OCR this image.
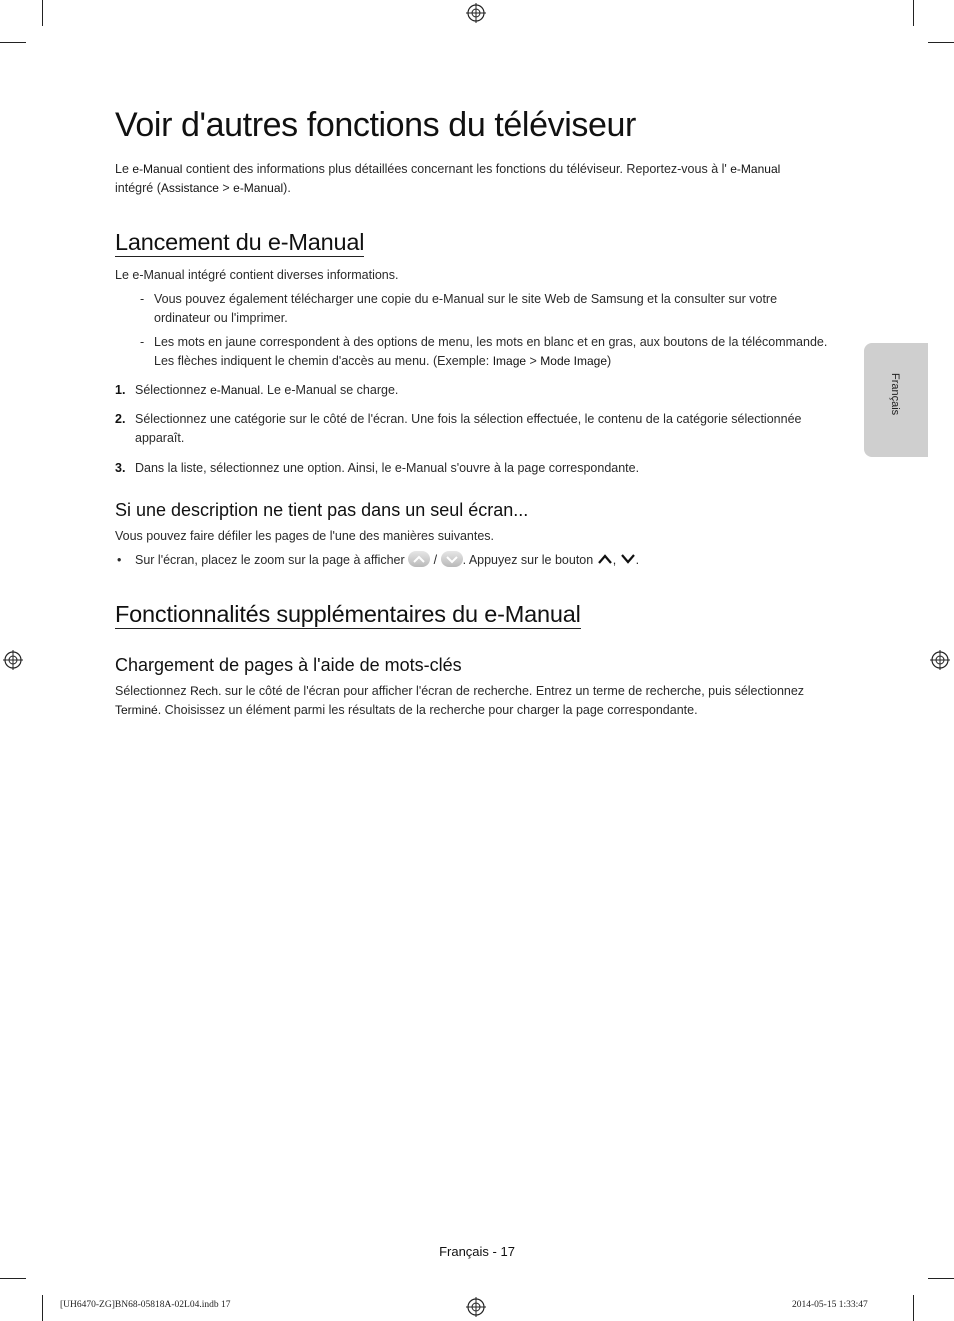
Français
Voir d'autres fonctions du téléviseur
Le e-Manual contient des informations plus détaillées concernant les fonctions du téléviseur. Reportez-vous à l' e-Manual
intégré (Assistance > e-Manual).
Lancement du e-Manual
Le e-Manual intégré contient diverses informations.
- Vous pouvez également télécharger une copie du e-Manual sur le site Web de Samsung et la consulter sur votre ordinateur ou l'imprimer.
- Les mots en jaune correspondent à des options de menu, les mots en blanc et en gras, aux boutons de la télécommande. Les flèches indiquent le chemin d'accès au menu. (Exemple: Image > Mode Image)
1. Sélectionnez e-Manual. Le e-Manual se charge.
2. Sélectionnez une catégorie sur le côté de l'écran. Une fois la sélection effectuée, le contenu de la catégorie sélectionnée apparaît.
3. Dans la liste, sélectionnez une option. Ainsi, le e-Manual s'ouvre à la page correspondante.
Si une description ne tient pas dans un seul écran...
Vous pouvez faire défiler les pages de l'une des manières suivantes.
• Sur l'écran, placez le zoom sur la page à afficher
/
. Appuyez sur le bouton , .
Fonctionnalités supplémentaires du e-Manual
Chargement de pages à l'aide de mots-clés
Sélectionnez Rech. sur le côté de l'écran pour afficher l'écran de recherche. Entrez un terme de recherche, puis sélectionnez
Terminé. Choisissez un élément parmi les résultats de la recherche pour charger la page correspondante.
Français - 17
[UH6470-ZG]BN68-05818A-02L04.indb 17	2014-05-15 1:33:47
